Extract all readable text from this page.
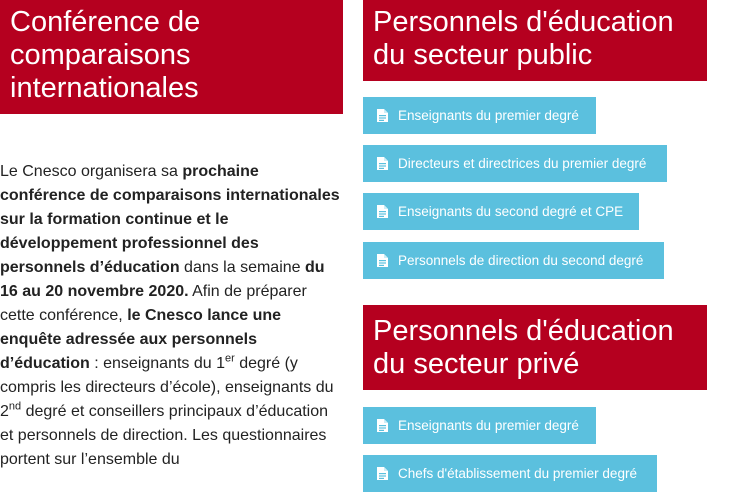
Conférence de
comparaisons
internationales
Le Cnesco organisera sa prochaine conférence de comparaisons internationales sur la formation continue et le développement professionnel des personnels d’éducation dans la semaine du 16 au 20 novembre 2020. Afin de préparer cette conférence, le Cnesco lance une enquête adressée aux personnels d’éducation : enseignants du 1er degré (y compris les directeurs d’école), enseignants du 2nd degré et conseillers principaux d’éducation et personnels de direction. Les questionnaires portent sur l’ensemble du
Personnels d'éducation
du secteur public
Enseignants du premier degré
Directeurs et directrices du premier degré
Enseignants du second degré et CPE
Personnels de direction du second degré
Personnels d'éducation
du secteur privé
Enseignants du premier degré
Chefs d'établissement du premier degré
